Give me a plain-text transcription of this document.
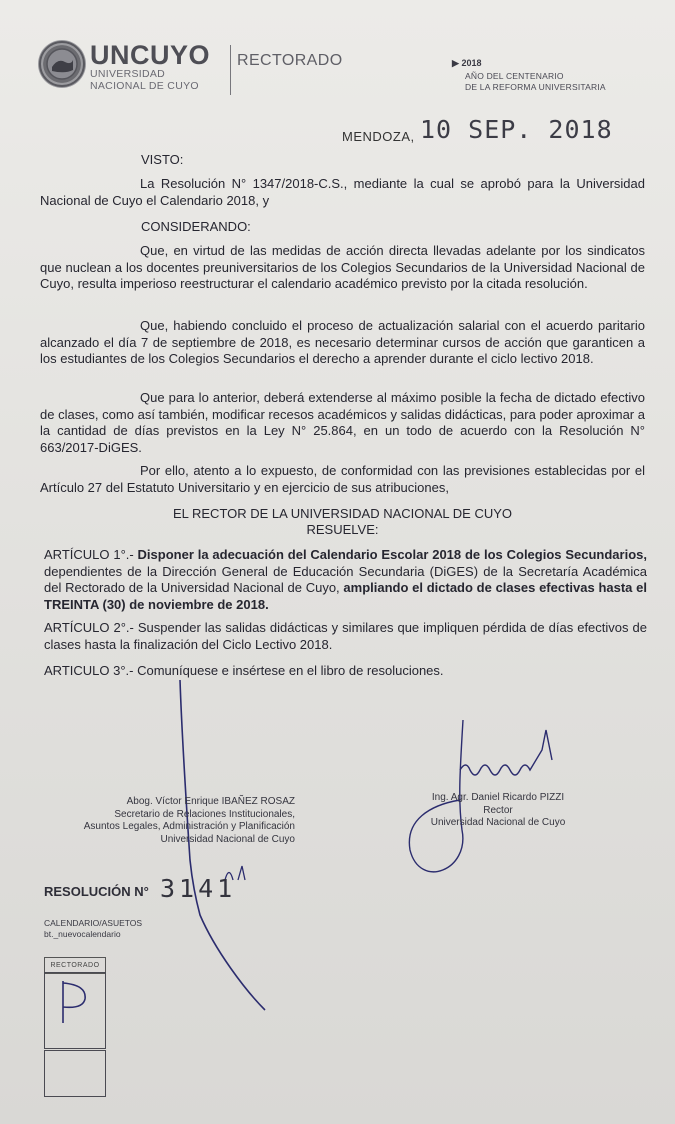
UNCUYO
UNIVERSIDAD
NACIONAL DE CUYO
RECTORADO	▶ 2018
AÑO DEL CENTENARIO
DE LA REFORMA UNIVERSITARIA
MENDOZA, 10 SEP. 2018
VISTO:
La Resolución N° 1347/2018-C.S., mediante la cual se aprobó para la Universidad Nacional de Cuyo el Calendario 2018, y
CONSIDERANDO:
Que, en virtud de las medidas de acción directa llevadas adelante por los sindicatos que nuclean a los docentes preuniversitarios de los Colegios Secundarios de la Universidad Nacional de Cuyo, resulta imperioso reestructurar el calendario académico previsto por la citada resolución.
Que, habiendo concluido el proceso de actualización salarial con el acuerdo paritario alcanzado el día 7 de septiembre de 2018, es necesario determinar cursos de acción que garanticen a los estudiantes de los Colegios Secundarios el derecho a aprender durante el ciclo lectivo 2018.
Que para lo anterior, deberá extenderse al máximo posible la fecha de dictado efectivo de clases, como así también, modificar recesos académicos y salidas didácticas, para poder aproximar a la cantidad de días previstos en la Ley N° 25.864, en un todo de acuerdo con la Resolución N° 663/2017-DiGES.
Por ello, atento a lo expuesto, de conformidad con las previsiones establecidas por el Artículo 27 del Estatuto Universitario y en ejercicio de sus atribuciones,
EL RECTOR DE LA UNIVERSIDAD NACIONAL DE CUYO
RESUELVE:
ARTÍCULO 1°.- Disponer la adecuación del Calendario Escolar 2018 de los Colegios Secundarios, dependientes de la Dirección General de Educación Secundaria (DiGES) de la Secretaría Académica del Rectorado de la Universidad Nacional de Cuyo, ampliando el dictado de clases efectivas hasta el TREINTA (30) de noviembre de 2018.
ARTÍCULO 2°.- Suspender las salidas didácticas y similares que impliquen pérdida de días efectivos de clases hasta la finalización del Ciclo Lectivo 2018.
ARTICULO 3°.- Comuníquese e insértese en el libro de resoluciones.
Abog. Víctor Enrique IBAÑEZ ROSAZ
Secretario de Relaciones Institucionales,
Asuntos Legales, Administración y Planificación
Universidad Nacional de Cuyo
Ing. Agr. Daniel Ricardo PIZZI
Rector
Universidad Nacional de Cuyo
RESOLUCIÓN N° 3141
CALENDARIO/ASUETOS
bt._nuevocalendario
RECTORADO
